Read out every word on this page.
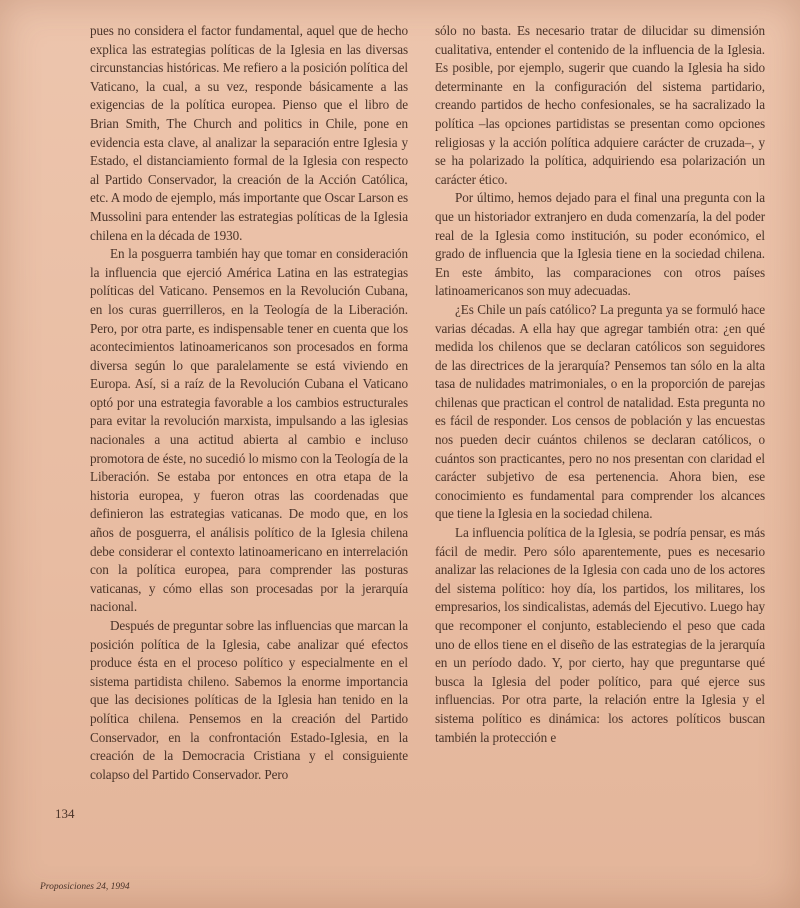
pues no considera el factor fundamental, aquel que de hecho explica las estrategias políticas de la Iglesia en las diversas circunstancias históricas. Me refiero a la posición política del Vaticano, la cual, a su vez, responde básicamente a las exigencias de la política europea. Pienso que el libro de Brian Smith, The Church and politics in Chile, pone en evidencia esta clave, al analizar la separación entre Iglesia y Estado, el distanciamiento formal de la Iglesia con respecto al Partido Conservador, la creación de la Acción Católica, etc. A modo de ejemplo, más importante que Oscar Larson es Mussolini para entender las estrategias políticas de la Iglesia chilena en la década de 1930.

En la posguerra también hay que tomar en consideración la influencia que ejerció América Latina en las estrategias políticas del Vaticano. Pensemos en la Revolución Cubana, en los curas guerrilleros, en la Teología de la Liberación. Pero, por otra parte, es indispensable tener en cuenta que los acontecimientos latinoamericanos son procesados en forma diversa según lo que paralelamente se está viviendo en Europa. Así, si a raíz de la Revolución Cubana el Vaticano optó por una estrategia favorable a los cambios estructurales para evitar la revolución marxista, impulsando a las iglesias nacionales a una actitud abierta al cambio e incluso promotora de éste, no sucedió lo mismo con la Teología de la Liberación. Se estaba por entonces en otra etapa de la historia europea, y fueron otras las coordenadas que definieron las estrategias vaticanas. De modo que, en los años de posguerra, el análisis político de la Iglesia chilena debe considerar el contexto latinoamericano en interrelación con la política europea, para comprender las posturas vaticanas, y cómo ellas son procesadas por la jerarquía nacional.

Después de preguntar sobre las influencias que marcan la posición política de la Iglesia, cabe analizar qué efectos produce ésta en el proceso político y especialmente en el sistema partidista chileno. Sabemos la enorme importancia que las decisiones políticas de la Iglesia han tenido en la política chilena. Pensemos en la creación del Partido Conservador, en la confrontación Estado-Iglesia, en la creación de la Democracia Cristiana y el consiguiente colapso del Partido Conservador. Pero

sólo no basta. Es necesario tratar de dilucidar su dimensión cualitativa, entender el contenido de la influencia de la Iglesia. Es posible, por ejemplo, sugerir que cuando la Iglesia ha sido determinante en la configuración del sistema partidario, creando partidos de hecho confesionales, se ha sacralizado la política –las opciones partidistas se presentan como opciones religiosas y la acción política adquiere carácter de cruzada–, y se ha polarizado la política, adquiriendo esa polarización un carácter ético.

Por último, hemos dejado para el final una pregunta con la que un historiador extranjero en duda comenzaría, la del poder real de la Iglesia como institución, su poder económico, el grado de influencia que la Iglesia tiene en la sociedad chilena. En este ámbito, las comparaciones con otros países latinoamericanos son muy adecuadas.

¿Es Chile un país católico? La pregunta ya se formuló hace varias décadas. A ella hay que agregar también otra: ¿en qué medida los chilenos que se declaran católicos son seguidores de las directrices de la jerarquía? Pensemos tan sólo en la alta tasa de nulidades matrimoniales, o en la proporción de parejas chilenas que practican el control de natalidad. Esta pregunta no es fácil de responder. Los censos de población y las encuestas nos pueden decir cuántos chilenos se declaran católicos, o cuántos son practicantes, pero no nos presentan con claridad el carácter subjetivo de esa pertenencia. Ahora bien, ese conocimiento es fundamental para comprender los alcances que tiene la Iglesia en la sociedad chilena.

La influencia política de la Iglesia, se podría pensar, es más fácil de medir. Pero sólo aparentemente, pues es necesario analizar las relaciones de la Iglesia con cada uno de los actores del sistema político: hoy día, los partidos, los militares, los empresarios, los sindicalistas, además del Ejecutivo. Luego hay que recomponer el conjunto, estableciendo el peso que cada uno de ellos tiene en el diseño de las estrategias de la jerarquía en un período dado. Y, por cierto, hay que preguntarse qué busca la Iglesia del poder político, para qué ejerce sus influencias. Por otra parte, la relación entre la Iglesia y el sistema político es dinámica: los actores políticos buscan también la protección e

134
Proposiciones 24, 1994
